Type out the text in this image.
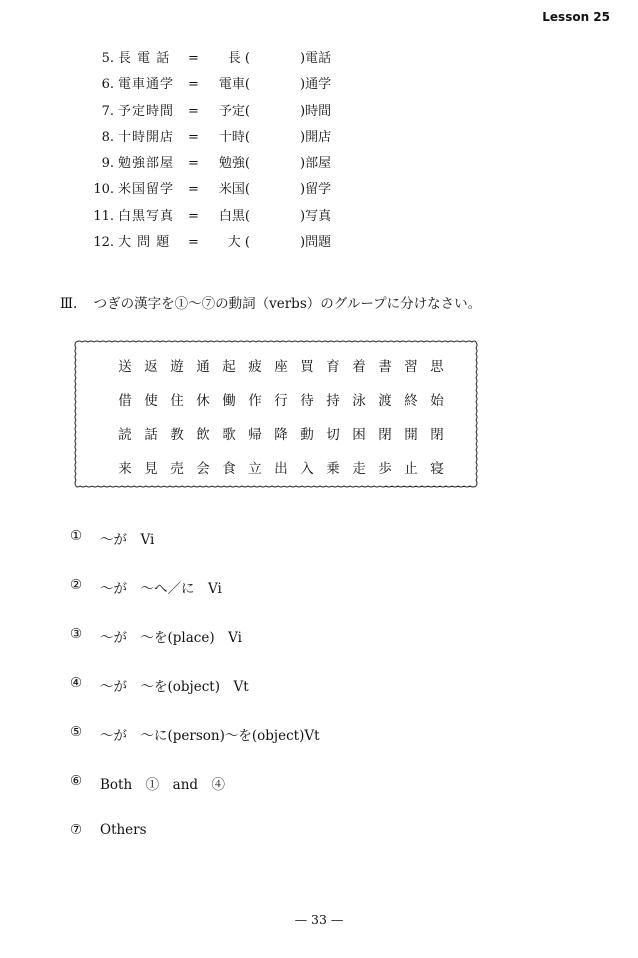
Lesson 25
5. 長 電 話 =	長 (	)電話
6. 電車通学 =	電車(	)通学
7. 予定時間 =	予定(	)時間
8. 十時開店 =	十時(	)開店
9. 勉強部屋 =	勉強(	)部屋
10. 米国留学 =	米国(	)留学
11. 白黒写真 =	白黒(	)写真
12. 大 問 題 =	大 (	)問題
Ⅲ. つぎの漢字を①～⑦の動詞（verbs）のグループに分けなさい。
送 返 遊 通 起 疲 座 買 育 着 書 習 思
借 使 住 休 働 作 行 待 持 泳 渡 終 始
読 話 教 飲 歌 帰 降 動 切 困 閉 開 閉
来 見 売 会 食 立 出 入 乗 走 歩 止 寝
①	～が　Vi
②	～が　～へ／に　Vi
③	～が　～を(place)　Vi
④	～が　～を(object)　Vt
⑤	～が　～に(person)～を(object)Vt
⑥	Both　①　and　④
⑦	Others
— 33 —
